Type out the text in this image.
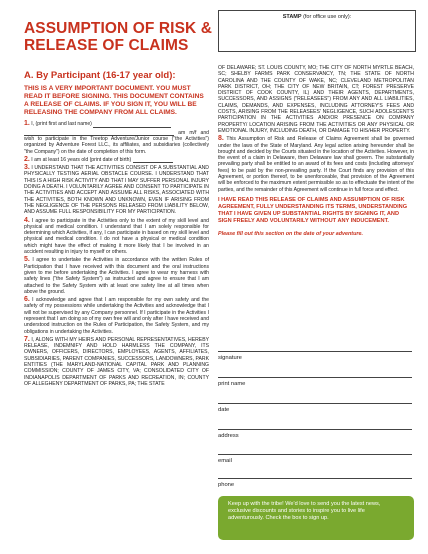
ASSUMPTION OF RISK & RELEASE OF CLAIMS
STAMP (for office use only):
A. By Participant (16-17 year old):
THIS IS A VERY IMPORTANT DOCUMENT. YOU MUST READ IT BEFORE SIGNING. THIS DOCUMENT CONTAINS A RELEASE OF CLAIMS. IF YOU SIGN IT, YOU WILL BE RELEASING THE COMPANY FROM ALL CLAIMS.
1. I, (print first and last name)
am m/f and wish to participate in the Treetop Adventure/Junior course ("the Activities") organized by Adventure Forest LLC., its affiliates, and subsidiaries (collectively "the Company") on the date of completion of this form.
2. I am at least 16 years old (print date of birth)
3. I UNDERSTAND THAT THE ACTIVITIES CONSIST OF A SUBSTANTIAL AND PHYSICALLY TESTING AERIAL OBSTACLE COURSE. I UNDERSTAND THAT THIS IS A HIGH RISK ACTIVITY AND THAT I MAY SUFFER PERSONAL INJURY DOING A DEATH. I VOLUNTARILY AGREE AND CONSENT TO PARTICIPATE IN THE ACTIVITIES AND ACCEPT AND ASSUME ALL RISKS, ASSOCIATED WITH THE ACTIVITIES, BOTH KNOWN AND UNKNOWN, EVEN IF ARISING FROM THE NEGLIGENCE OF THE PERSONS RELEASED FROM LIABILITY BELOW, AND ASSUME FULL RESPONSIBILITY FOR MY PARTICIPATION.
4. I agree to participate in the Activities only to the extent of my skill level and physical and medical condition. I understand that I am solely responsible for determining which Activities, if any, I can participate in based on my skill level and physical and medical condition. I do not have a physical or medical condition which might have the effect of making it more likely that I be involved in an accident resulting in injury to myself or others.
5. I agree to undertake the Activities in accordance with the written Rules of Participation that I have received with this document and the oral instructions given to me before undertaking the Activities. I agree to wear my harness with safety lines ("the Safety System") as instructed and agree to ensure that I am attached to the Safety System with at least one safety line at all times when above the ground.
6. I acknowledge and agree that I am responsible for my own safety and the safety of my possessions while undertaking the Activities and acknowledge that I will not be supervised by any Company personnel. If I participate in the Activities I represent that I am doing so of my own free will and only after I have received and understood instruction on the Rules of Participation, the Safety System, and my obligations in undertaking the Activities.
7. I, ALONG WITH MY HEIRS AND PERSONAL REPRESENTATIVES, HEREBY RELEASE, INDEMNIFY AND HOLD HARMLESS THE COMPANY, ITS OWNERS, OFFICERS, DIRECTORS, EMPLOYEES, AGENTS, AFFILIATES, SUBSIDIARIES, PARENT COMPANIES, SUCCESSORS, LANDOWNERS, PARK ENTITIES (THE MARYLAND-NATIONAL CAPITAL PARK AND PLANNING COMMISSION; COUNTY OF JAMES CITY, VA; CONSOLIDATED CITY OF INDIANAPOLIS DEPARTMENT OF PARKS AND RECREATION, IN; COUNTY OF ALLEGHENY DEPARTMENT OF PARKS, PA; THE STATE
OF DELAWARE; ST. LOUIS COUNTY, MO; THE CITY OF NORTH MYRTLE BEACH, SC; SHELBY FARMS PARK CONSERVANCY, TN; THE STATE OF NORTH CAROLINA AND THE COUNTY OF WAKE, NC; CLEVELAND METROPOLITAN PARK DISTRICT, OH; THE CITY OF NEW BRITAIN, CT; FOREST PRESERVE DISTRICT OF COOK COUNTY, IL) AND THEIR AGENTS, DEPARTMENTS, SUCCESSORS, AND ASSIGNS ("RELEASEES") FROM ANY AND ALL LIABILITIES, CLAIMS, DEMANDS, AND EXPENSES, INCLUDING ATTORNEY'S FEES AND COSTS, ARISING FROM THE RELEASEES' NEGLIGENCE, SUCH ADOLESCENT'S PARTICIPATION IN THE ACTIVITIES AND/OR PRESENCE ON COMPANY PROPERTY/ LOCATION ARISING FROM THE ACTIVITIES OR ANY PHYSICAL OR EMOTIONAL INJURY, INCLUDING DEATH, OR DAMAGE TO HIS/HER PROPERTY.
8. This Assumption of Risk and Release of Claims Agreement shall be governed under the laws of the State of Maryland. Any legal action arising hereunder shall be brought and decided by the Courts situated in the location of the Activities. However, in the event of a claim in Delaware, then Delaware law shall govern. The substantially prevailing party shall be entitled to an award of its fees and costs (including attorneys' fees) to be paid by the non-prevailing party. If the Court finds any provision of this Agreement, or portion thereof, to be unenforceable, that provision of the Agreement will be enforced to the maximum extent permissible so as to effectuate the intent of the parties, and the remainder of this Agreement will continue in full force and effect.
I HAVE READ THIS RELEASE OF CLAIMS AND ASSUMPTION OF RISK AGREEMENT, FULLY UNDERSTANDING ITS TERMS, UNDERSTANDING THAT I HAVE GIVEN UP SUBSTANTIAL RIGHTS BY SIGNING IT, AND SIGN FREELY AND VOLUNTARILY WITHOUT ANY INDUCEMENT.
Please fill out this section on the date of your adventure.
signature
print name
date
address
email
phone
Keep up with the tribe! We'd love to send you the latest news, exclusive discounts and stories to inspire you to live life adventurously. Check the box to sign up.
